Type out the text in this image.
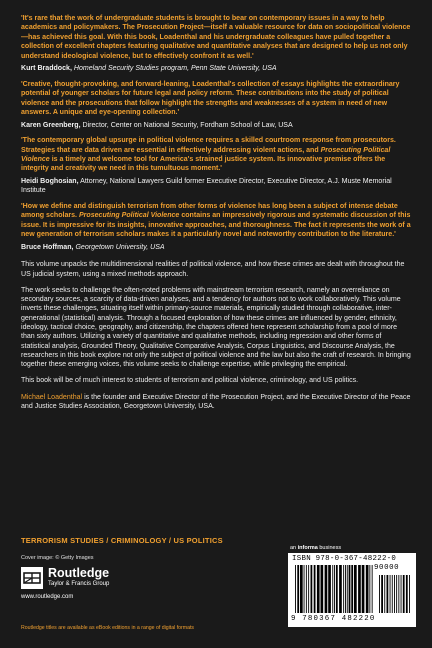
'It's rare that the work of undergraduate students is brought to bear on contemporary issues in a way to help academics and policymakers. The Prosecution Project—itself a valuable resource for data on sociopolitical violence—has achieved this goal. With this book, Loadenthal and his undergraduate colleagues have pulled together a collection of excellent chapters featuring qualitative and quantitative analyses that are designed to help us not only understand ideological violence, but to effectively confront it as well.'

Kurt Braddock, Homeland Security Studies program, Penn State University, USA

'Creative, thought-provoking, and forward-leaning, Loadenthal's collection of essays highlights the extraordinary potential of younger scholars for future legal and policy reform. These contributions into the study of political violence and the prosecutions that follow highlight the strengths and weaknesses of a system in need of new answers. A unique and eye-opening collection.'

Karen Greenberg, Director, Center on National Security, Fordham School of Law, USA

'The contemporary global upsurge in political violence requires a skilled courtroom response from prosecutors. Strategies that are data driven are essential in effectively addressing violent actions, and Prosecuting Political Violence is a timely and welcome tool for America's strained justice system. Its innovative premise offers the integrity and creativity we need in this tumultuous moment.'

Heidi Boghosian, Attorney, National Lawyers Guild former Executive Director, Executive Director, A.J. Muste Memorial Institute

'How we define and distinguish terrorism from other forms of violence has long been a subject of intense debate among scholars. Prosecuting Political Violence contains an impressively rigorous and systematic discussion of this issue. It is impressive for its insights, innovative approaches, and thoroughness. The fact it represents the work of a new generation of terrorism scholars makes it a particularly novel and noteworthy contribution to the literature.'

Bruce Hoffman, Georgetown University, USA

This volume unpacks the multidimensional realities of political violence, and how these crimes are dealt with throughout the US judicial system, using a mixed methods approach.

The work seeks to challenge the often-noted problems with mainstream terrorism research, namely an overreliance on secondary sources, a scarcity of data-driven analyses, and a tendency for authors not to work collaboratively. This volume inverts these challenges, situating itself within primary-source materials, empirically studied through collaborative, inter-generational (statistical) analysis. Through a focused exploration of how these crimes are influenced by gender, ethnicity, ideology, tactical choice, geography, and citizenship, the chapters offered here represent scholarship from a pool of more than sixty authors. Utilizing a variety of quantitative and qualitative methods, including regression and other forms of statistical analysis, Grounded Theory, Qualitative Comparative Analysis, Corpus Linguistics, and Discourse Analysis, the researchers in this book explore not only the subject of political violence and the law but also the craft of research. In bringing together these emerging voices, this volume seeks to challenge expertise, while privileging the empirical.

This book will be of much interest to students of terrorism and political violence, criminology, and US politics.

Michael Loadenthal is the founder and Executive Director of the Prosecution Project, and the Executive Director of the Peace and Justice Studies Association, Georgetown University, USA.

TERRORISM STUDIES / CRIMINOLOGY / US POLITICS
Cover image: © Getty Images
Routledge
Taylor & Francis Group
www.routledge.com
Routledge titles are available as eBook editions in a range of digital formats
an informa business
ISBN 978-0-367-48222-0
90000
9 780367 482220
